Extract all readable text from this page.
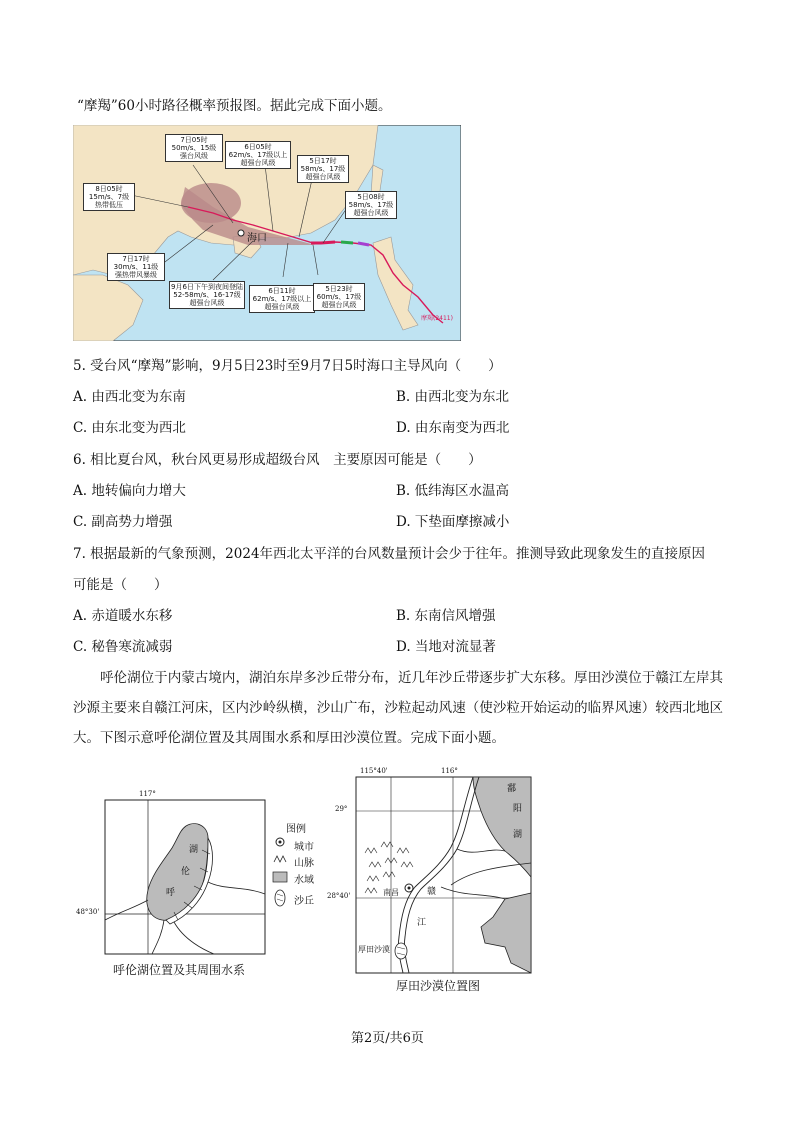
“摩羯”60小时路径概率预报图。据此完成下面小题。
海口
摩羯(2411)
7日05时
50m/s、15级
强台风级
6日05时
62m/s、17级以上
超强台风级	5日17时
58m/s、17级
超强台风级
8日05时
15m/s、7级
热带低压
5日08时
58m/s、17级
超强台风级
7日17时
30m/s、11级
强热带风暴级
9月6日下午到夜间登陆
52-58m/s、16-17级
超强台风级
6日11时
62m/s、17级以上
超强台风级
5日23时
60m/s、17级
超强台风级
5. 受台风“摩羯”影响，9月5日23时至9月7日5时海口主导风向（　　）
A. 由西北变为东南	B. 由西北变为东北
C. 由东北变为西北	D. 由东南变为西北
6. 相比夏台风，秋台风更易形成超级台风　主要原因可能是（　　）
A. 地转偏向力增大	B. 低纬海区水温高
C. 副高势力增强	D. 下垫面摩擦减小
7. 根据最新的气象预测，2024年西北太平洋的台风数量预计会少于往年。推测导致此现象发生的直接原因
可能是（　　）
A. 赤道暖水东移	B. 东南信风增强
C. 秘鲁寒流减弱	D. 当地对流显著
呼伦湖位于内蒙古境内，湖泊东岸多沙丘带分布，近几年沙丘带逐步扩大东移。厚田沙漠位于赣江左岸其沙源主要来自赣江河床，区内沙岭纵横，沙山广布，沙粒起动风速（使沙粒开始运动的临界风速）较西北地区大。下图示意呼伦湖位置及其周围水系和厚田沙漠位置。完成下面小题。
117°
48°30'
湖
伦
呼
呼伦湖位置及其周围水系
图例
城市
山脉
水域
沙丘
115°40'	116°
29°
28°40'
鄱
阳
湖
南昌	赣
江
厚田沙漠
厚田沙漠位置图
第2页/共6页
